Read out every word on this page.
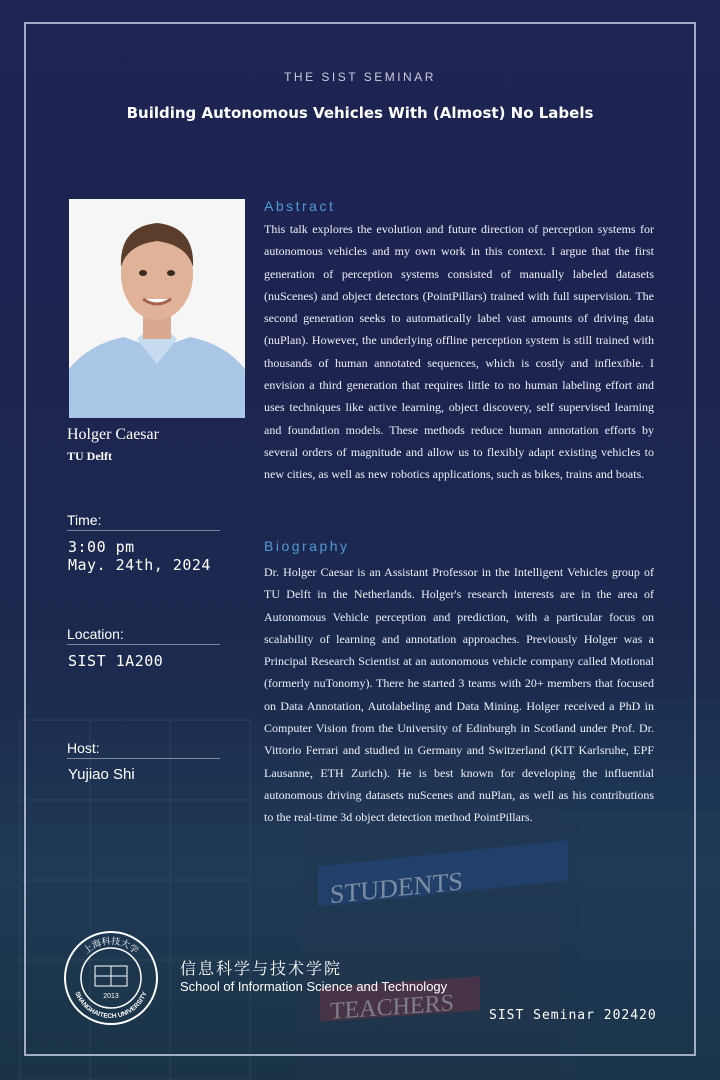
STUDENTS
TEACHERS
THE SIST SEMINAR
Building Autonomous Vehicles With (Almost) No Labels
Holger Caesar
TU Delft
Time:
3:00 pm
May. 24th, 2024
Location:
SIST 1A200
Host:
Yujiao Shi
Abstract
This talk explores the evolution and future direction of perception systems for autonomous vehicles and my own work in this context. I argue that the first generation of perception systems consisted of manually labeled datasets (nuScenes) and object detectors (PointPillars) trained with full supervision. The second generation seeks to automatically label vast amounts of driving data (nuPlan). However, the underlying offline perception system is still trained with thousands of human annotated sequences, which is costly and inflexible. I envision a third generation that requires little to no human labeling effort and uses techniques like active learning, object discovery, self supervised learning and foundation models. These methods reduce human annotation efforts by several orders of magnitude and allow us to flexibly adapt existing vehicles to new cities, as well as new robotics applications, such as bikes, trains and boats.
Biography
Dr. Holger Caesar is an Assistant Professor in the Intelligent Vehicles group of TU Delft in the Netherlands. Holger's research interests are in the area of Autonomous Vehicle perception and prediction, with a particular focus on scalability of learning and annotation approaches. Previously Holger was a Principal Research Scientist at an autonomous vehicle company called Motional (formerly nuTonomy). There he started 3 teams with 20+ members that focused on Data Annotation, Autolabeling and Data Mining. Holger received a PhD in Computer Vision from the University of Edinburgh in Scotland under Prof. Dr. Vittorio Ferrari and studied in Germany and Switzerland (KIT Karlsruhe, EPF Lausanne, ETH Zurich). He is best known for developing the influential autonomous driving datasets nuScenes and nuPlan, as well as his contributions to the real-time 3d object detection method PointPillars.
上海科技大学
SHANGHAITECH UNIVERSITY
2013
信息科学与技术学院
School of Information Science and Technology
SIST Seminar 202420
